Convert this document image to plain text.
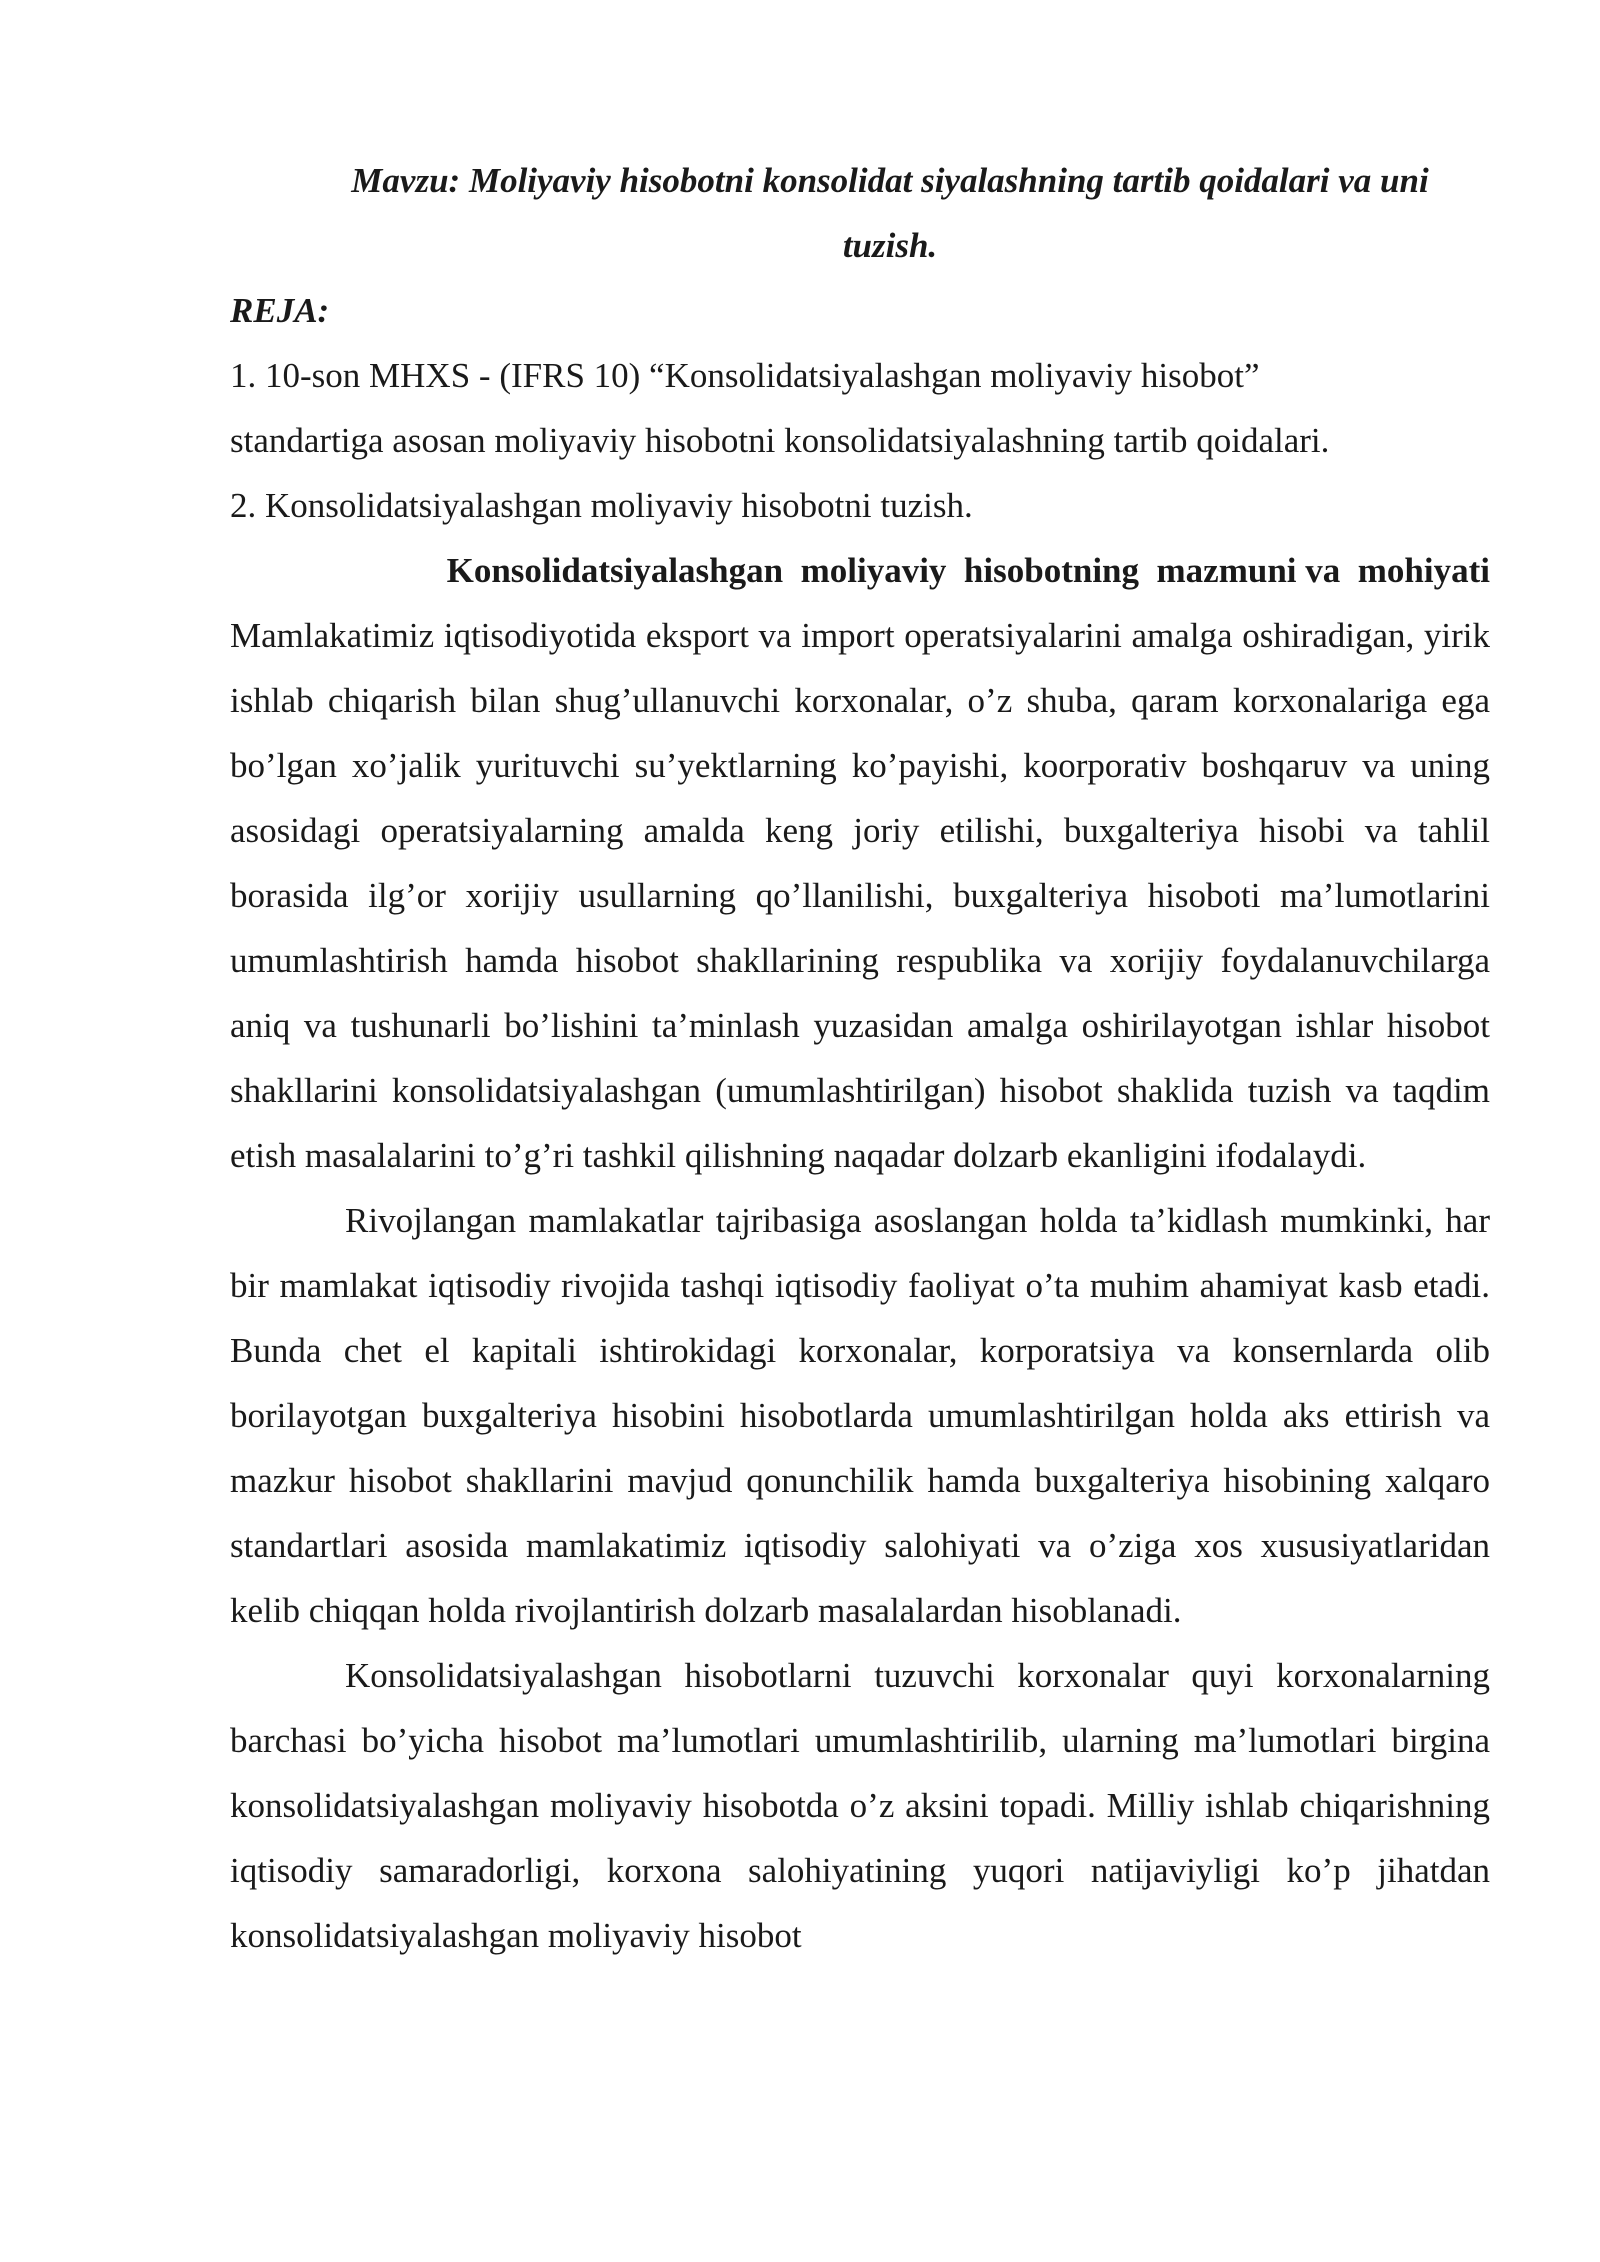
Mavzu: Moliyaviy hisobotni konsolidat siyalashning tartib qoidalari va uni
tuzish.
REJA:
1. 10-son MHXS - (IFRS 10) “Konsolidatsiyalashgan moliyaviy hisobot”
standartiga asosan moliyaviy hisobotni konsolidatsiyalashning tartib qoidalari.
2. Konsolidatsiyalashgan moliyaviy hisobotni tuzish.
Konsolidatsiyalashgan  moliyaviy  hisobotning  mazmuni va  mohiyati

Mamlakatimiz iqtisodiyotida eksport va import operatsiyalarini amalga oshiradigan, yirik ishlab chiqarish bilan shug’ullanuvchi korxonalar, o’z shuba, qaram korxonalariga ega bo’lgan xo’jalik yurituvchi su’yektlarning ko’payishi, koorporativ boshqaruv va uning asosidagi operatsiyalarning amalda keng joriy etilishi, buxgalteriya hisobi va tahlil borasida ilg’or xorijiy usullarning qo’llanilishi, buxgalteriya hisoboti ma’lumotlarini umumlashtirish hamda hisobot shakllarining respublika va xorijiy foydalanuvchilarga aniq va tushunarli bo’lishini ta’minlash yuzasidan amalga oshirilayotgan ishlar hisobot shakllarini konsolidatsiyalashgan (umumlashtirilgan) hisobot shaklida tuzish va taqdim etish masalalarini to’g’ri tashkil qilishning naqadar dolzarb ekanligini ifodalaydi.

Rivojlangan mamlakatlar tajribasiga asoslangan holda ta’kidlash mumkinki, har bir mamlakat iqtisodiy rivojida tashqi iqtisodiy faoliyat o’ta muhim ahamiyat kasb etadi. Bunda chet el kapitali ishtirokidagi korxonalar, korporatsiya va konsernlarda olib borilayotgan buxgalteriya hisobini hisobotlarda umumlashtirilgan holda aks ettirish va mazkur hisobot shakllarini mavjud qonunchilik hamda buxgalteriya hisobining xalqaro standartlari asosida mamlakatimiz iqtisodiy salohiyati va o’ziga xos xususiyatlaridan kelib chiqqan holda rivojlantirish dolzarb masalalardan hisoblanadi.

Konsolidatsiyalashgan hisobotlarni tuzuvchi korxonalar quyi korxonalarning barchasi bo’yicha hisobot ma’lumotlari umumlashtirilib, ularning ma’lumotlari birgina konsolidatsiyalashgan moliyaviy hisobotda o’z aksini topadi. Milliy ishlab chiqarishning iqtisodiy samaradorligi, korxona salohiyatining yuqori natijaviyligi ko’p jihatdan konsolidatsiyalashgan moliyaviy hisobot
